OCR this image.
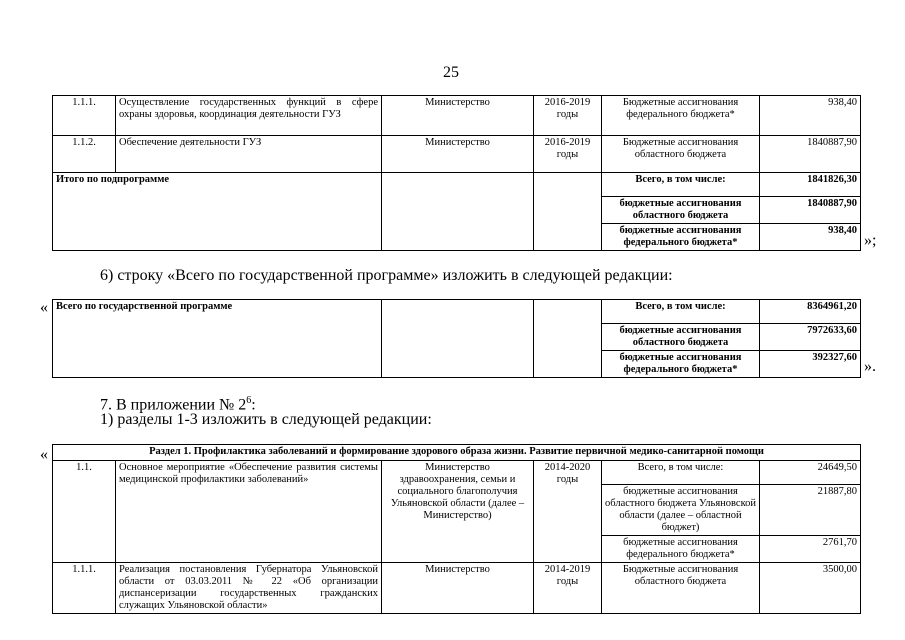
25
1.1.1.	Осуществление государственных функций в сфере охраны здоровья, координация деятельности ГУЗ	Министерство	2016-2019 годы	Бюджетные ассигнования федерального бюджета*	938,40
1.1.2.	Обеспечение деятельности ГУЗ	Министерство	2016-2019 годы	Бюджетные ассигнования областного бюджета	1840887,90
Итого по подпрограмме				Всего, в том числе:	1841826,30
				бюджетные ассигнования областного бюджета	1840887,90
				бюджетные ассигнования федерального бюджета*	938,40
»;
6) строку «Всего по государственной программе» изложить в следующей редакции:
« Всего по государственной программе			Всего, в том числе:	8364961,20
			бюджетные ассигнования областного бюджета	7972633,60
			бюджетные ассигнования федерального бюджета*	392327,60
».
7. В приложении № $2^6$:
1) разделы 1-3 изложить в следующей редакции:
«	Раздел 1. Профилактика заболеваний и формирование здорового образа жизни. Развитие первичной медико-санитарной помощи					
1.1.	Основное мероприятие «Обеспечение развития системы медицинской профилактики заболеваний»	Министерство здравоохранения, семьи и социального благополучия Ульяновской области (далее – Министерство)	2014-2020 годы	Всего, в том числе:	24649,50
				бюджетные ассигнования областного бюджета Ульяновской области (далее – областной бюджет)	21887,80
				бюджетные ассигнования федерального бюджета*	2761,70
1.1.1.	Реализация постановления Губернатора Ульяновской области от 03.03.2011 № 22 «Об организации диспансеризации государственных гражданских служащих Ульяновской области»	Министерство	2014-2019 годы	Бюджетные ассигнования областного бюджета	3500,00
